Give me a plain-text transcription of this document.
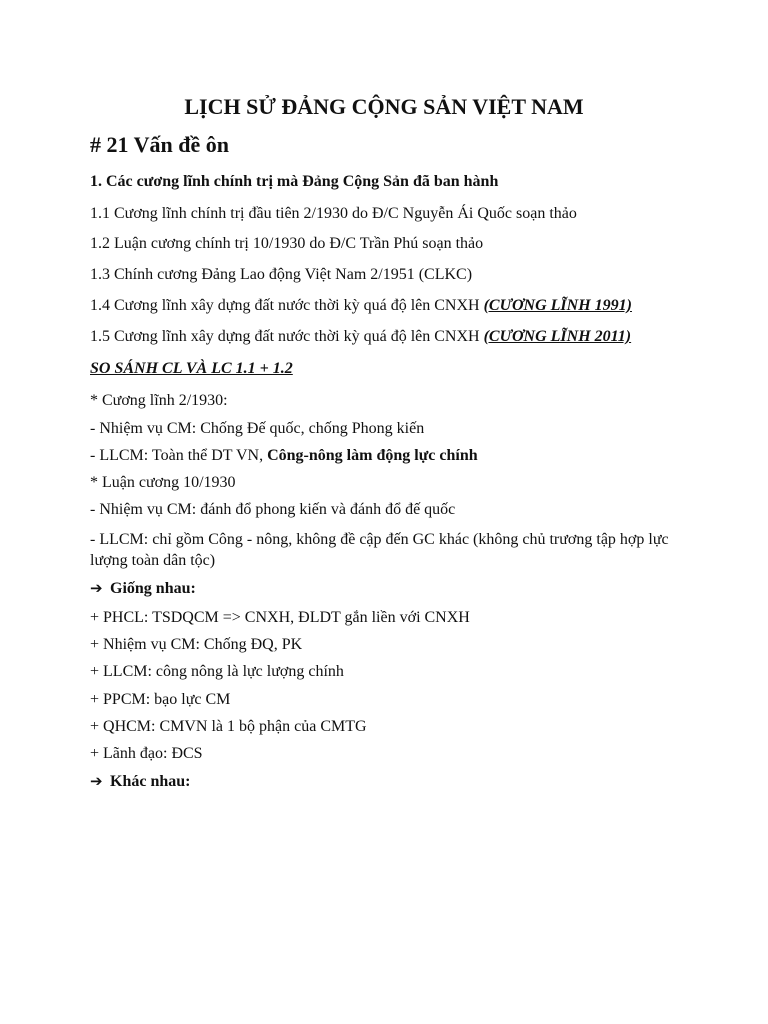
LỊCH SỬ ĐẢNG CỘNG SẢN VIỆT NAM
# 21 Vấn đề ôn
1. Các cương lĩnh chính trị mà Đảng Cộng Sản đã ban hành
1.1 Cương lĩnh chính trị đầu tiên 2/1930 do Đ/C Nguyễn Ái Quốc soạn thảo
1.2 Luận cương chính trị 10/1930 do Đ/C Trần Phú soạn thảo
1.3 Chính cương Đảng Lao động Việt Nam 2/1951 (CLKC)
1.4 Cương lĩnh xây dựng đất nước thời kỳ quá độ lên CNXH (CƯƠNG LĨNH 1991)
1.5 Cương lĩnh xây dựng đất nước thời kỳ quá độ lên CNXH (CƯƠNG LĨNH 2011)
SO SÁNH CL VÀ LC 1.1 + 1.2
* Cương lĩnh 2/1930:
- Nhiệm vụ CM: Chống Đế quốc, chống Phong kiến
- LLCM: Toàn thể DT VN, Công-nông làm động lực chính
* Luận cương 10/1930
- Nhiệm vụ CM: đánh đổ phong kiến và đánh đổ đế quốc
- LLCM: chỉ gồm Công - nông, không đề cập đến GC khác (không chủ trương tập hợp lực lượng toàn dân tộc)
➔ Giống nhau:
+ PHCL: TSDQCM => CNXH, ĐLDT gắn liền với CNXH
+ Nhiệm vụ CM: Chống ĐQ, PK
+ LLCM: công nông là lực lượng chính
+ PPCM: bạo lực CM
+ QHCM: CMVN là 1 bộ phận của CMTG
+ Lãnh đạo: ĐCS
➔ Khác nhau:
